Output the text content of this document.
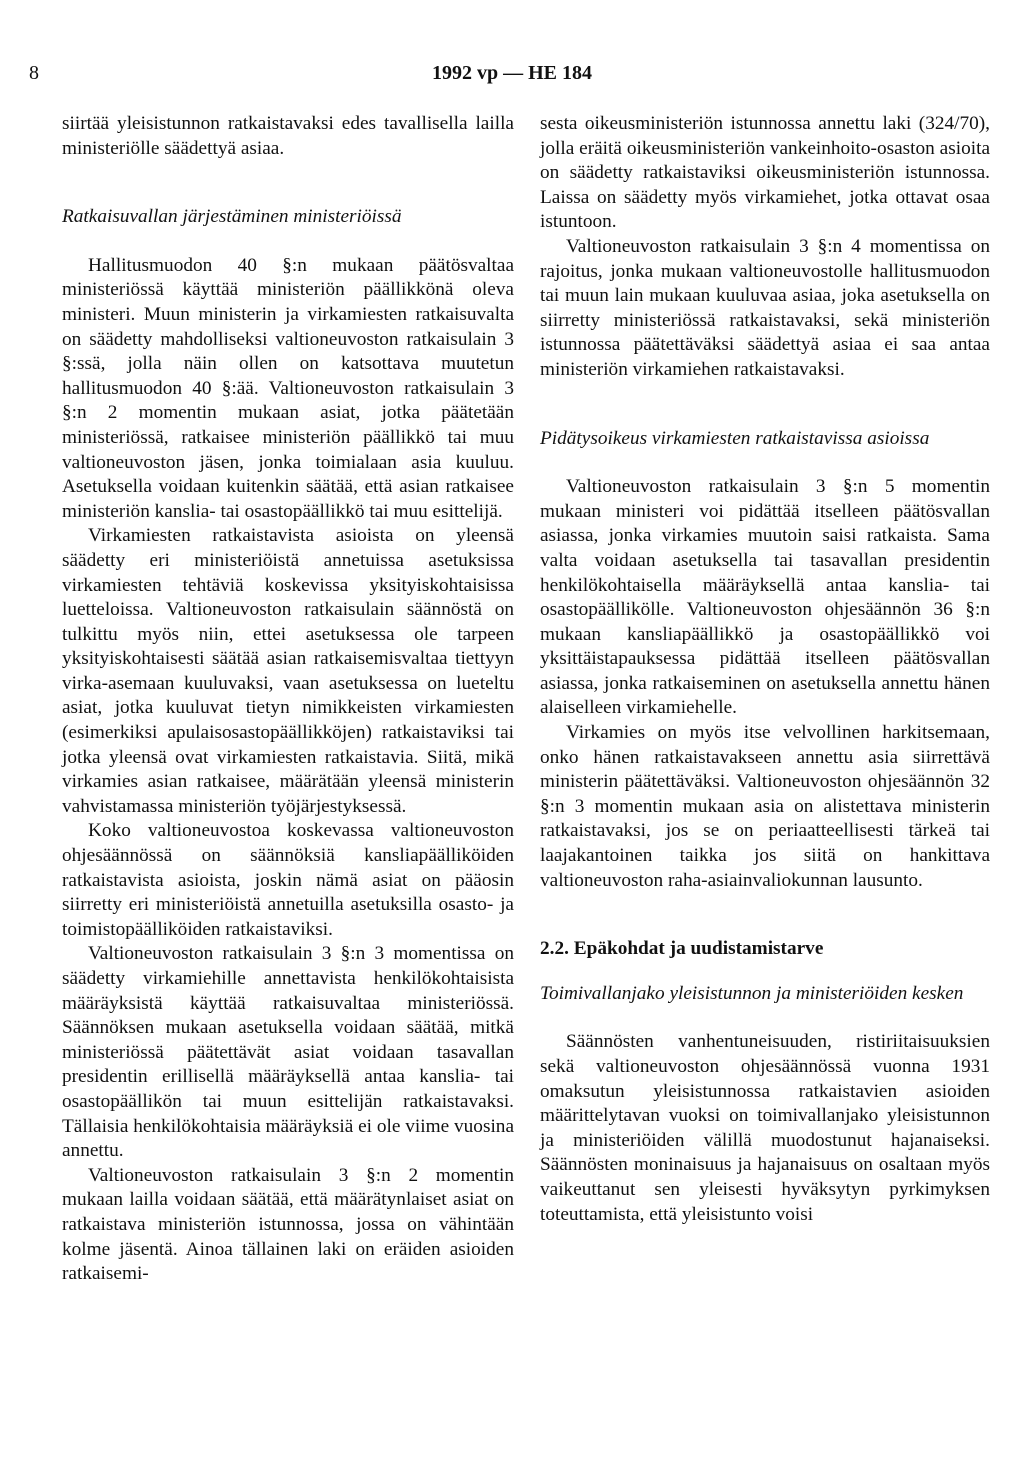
8	1992 vp — HE 184

siirtää yleisistunnon ratkaistavaksi edes tavallisella lailla ministeriölle säädettyä asiaa.

Ratkaisuvallan järjestäminen ministeriöissä

Hallitusmuodon 40 §:n mukaan päätösvaltaa ministeriössä käyttää ministeriön päällikkönä oleva ministeri. Muun ministerin ja virkamiesten ratkaisuvalta on säädetty mahdolliseksi valtioneuvoston ratkaisulain 3 §:ssä, jolla näin ollen on katsottava muutetun hallitusmuodon 40 §:ää. Valtioneuvoston ratkaisulain 3 §:n 2 momentin mukaan asiat, jotka päätetään ministeriössä, ratkaisee ministeriön päällikkö tai muu valtioneuvoston jäsen, jonka toimialaan asia kuuluu. Asetuksella voidaan kuitenkin säätää, että asian ratkaisee ministeriön kanslia- tai osastopäällikkö tai muu esittelijä.

Virkamiesten ratkaistavista asioista on yleensä säädetty eri ministeriöistä annetuissa asetuksissa virkamiesten tehtäviä koskevissa yksityiskohtaisissa luetteloissa. Valtioneuvoston ratkaisulain säännöstä on tulkittu myös niin, ettei asetuksessa ole tarpeen yksityiskohtaisesti säätää asian ratkaisemisvaltaa tiettyyn virka-asemaan kuuluvaksi, vaan asetuksessa on lueteltu asiat, jotka kuuluvat tietyn nimikkeisten virkamiesten (esimerkiksi apulaisosastopäällikköjen) ratkaistaviksi tai jotka yleensä ovat virkamiesten ratkaistavia. Siitä, mikä virkamies asian ratkaisee, määrätään yleensä ministerin vahvistamassa ministeriön työjärjestyksessä.

Koko valtioneuvostoa koskevassa valtioneuvoston ohjesäännössä on säännöksiä kansliapäälliköiden ratkaistavista asioista, joskin nämä asiat on pääosin siirretty eri ministeriöistä annetuilla asetuksilla osasto- ja toimistopäälliköiden ratkaistaviksi.

Valtioneuvoston ratkaisulain 3 §:n 3 momentissa on säädetty virkamiehille annettavista henkilökohtaisista määräyksistä käyttää ratkaisuvaltaa ministeriössä. Säännöksen mukaan asetuksella voidaan säätää, mitkä ministeriössä päätettävät asiat voidaan tasavallan presidentin erillisellä määräyksellä antaa kanslia- tai osastopäällikön tai muun esittelijän ratkaistavaksi. Tällaisia henkilökohtaisia määräyksiä ei ole viime vuosina annettu.

Valtioneuvoston ratkaisulain 3 §:n 2 momentin mukaan lailla voidaan säätää, että määrätynlaiset asiat on ratkaistava ministeriön istunnossa, jossa on vähintään kolme jäsentä. Ainoa tällainen laki on eräiden asioiden ratkaisemi-

sesta oikeusministeriön istunnossa annettu laki (324/70), jolla eräitä oikeusministeriön vankeinhoito-osaston asioita on säädetty ratkaistaviksi oikeusministeriön istunnossa. Laissa on säädetty myös virkamiehet, jotka ottavat osaa istuntoon.

Valtioneuvoston ratkaisulain 3 §:n 4 momentissa on rajoitus, jonka mukaan valtioneuvostolle hallitusmuodon tai muun lain mukaan kuuluvaa asiaa, joka asetuksella on siirretty ministeriössä ratkaistavaksi, sekä ministeriön istunnossa päätettäväksi säädettyä asiaa ei saa antaa ministeriön virkamiehen ratkaistavaksi.

Pidätysoikeus virkamiesten ratkaistavissa asioissa

Valtioneuvoston ratkaisulain 3 §:n 5 momentin mukaan ministeri voi pidättää itselleen päätösvallan asiassa, jonka virkamies muutoin saisi ratkaista. Sama valta voidaan asetuksella tai tasavallan presidentin henkilökohtaisella määräyksellä antaa kanslia- tai osastopäällikölle. Valtioneuvoston ohjesäännön 36 §:n mukaan kansliapäällikkö ja osastopäällikkö voi yksittäistapauksessa pidättää itselleen päätösvallan asiassa, jonka ratkaiseminen on asetuksella annettu hänen alaiselleen virkamiehelle.

Virkamies on myös itse velvollinen harkitsemaan, onko hänen ratkaistavakseen annettu asia siirrettävä ministerin päätettäväksi. Valtioneuvoston ohjesäännön 32 §:n 3 momentin mukaan asia on alistettava ministerin ratkaistavaksi, jos se on periaatteellisesti tärkeä tai laajakantoinen taikka jos siitä on hankittava valtioneuvoston raha-asiainvaliokunnan lausunto.

2.2. Epäkohdat ja uudistamistarve

Toimivallanjako yleisistunnon ja ministeriöiden kesken

Säännösten vanhentuneisuuden, ristiriitaisuuksien sekä valtioneuvoston ohjesäännössä vuonna 1931 omaksutun yleisistunnossa ratkaistavien asioiden määrittelytavan vuoksi on toimivallanjako yleisistunnon ja ministeriöiden välillä muodostunut hajanaiseksi. Säännösten moninaisuus ja hajanaisuus on osaltaan myös vaikeuttanut sen yleisesti hyväksytyn pyrkimyksen toteuttamista, että yleisistunto voisi
